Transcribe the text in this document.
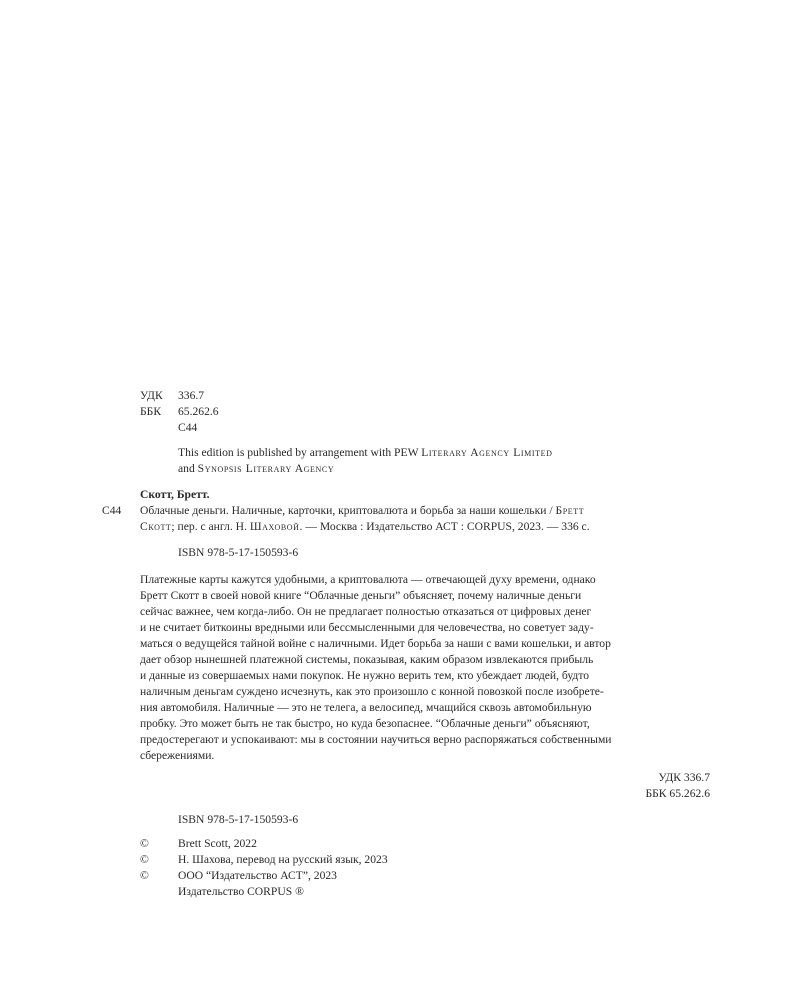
УДК 336.7
ББК 65.262.6
С44
This edition is published by arrangement with PEW Literary Agency Limited
and Synopsis Literary Agency
Скотт, Бретт.
С44 Облачные деньги. Наличные, карточки, криптовалюта и борьба за наши кошельки / Бретт
Скотт; пер. с англ. Н. Шаховой. — Москва : Издательство АСТ : CORPUS, 2023. — 336 с.
ISBN 978-5-17-150593-6
Платежные карты кажутся удобными, а криптовалюта — отвечающей духу времени, однако
Бретт Скотт в своей новой книге “Облачные деньги” объясняет, почему наличные деньги
сейчас важнее, чем когда-либо. Он не предлагает полностью отказаться от цифровых денег
и не считает биткоины вредными или бессмысленными для человечества, но советует заду-
маться о ведущейся тайной войне с наличными. Идет борьба за наши с вами кошельки, и автор
дает обзор нынешней платежной системы, показывая, каким образом извлекаются прибыль
и данные из совершаемых нами покупок. Не нужно верить тем, кто убеждает людей, будто
наличным деньгам суждено исчезнуть, как это произошло с конной повозкой после изобрете-
ния автомобиля. Наличные — это не телега, а велосипед, мчащийся сквозь автомобильную
пробку. Это может быть не так быстро, но куда безопаснее. “Облачные деньги” объясняют,
предостерегают и успокаивают: мы в состоянии научиться верно распоряжаться собственными
сбережениями.
УДК 336.7
ББК 65.262.6
ISBN 978-5-17-150593-6
©	Brett Scott, 2022
©	Н. Шахова, перевод на русский язык, 2023
©	ООО “Издательство АСТ”, 2023
Издательство CORPUS ®
